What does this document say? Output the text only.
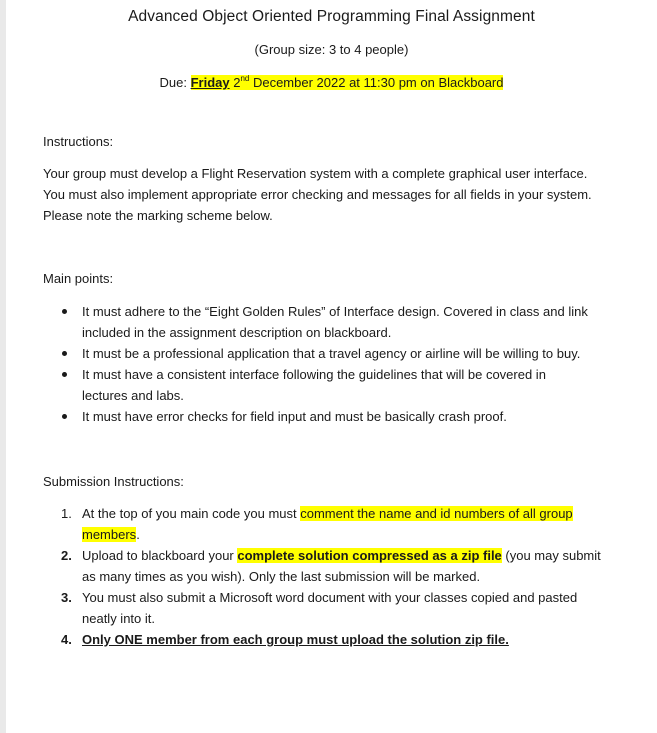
Advanced Object Oriented Programming Final Assignment
(Group size: 3 to 4 people)
Due: Friday 2nd December 2022 at 11:30 pm on Blackboard
Instructions:

Your group must develop a Flight Reservation system with a complete graphical user interface.

You must also implement appropriate error checking and messages for all fields in your system.

Please note the marking scheme below.

Main points:
It must adhere to the “Eight Golden Rules” of Interface design. Covered in class and link
included in the assignment description on blackboard.
It must be a professional application that a travel agency or airline will be willing to buy.
It must have a consistent interface following the guidelines that will be covered in
lectures and labs.
It must have error checks for field input and must be basically crash proof.
Submission Instructions:
1. At the top of you main code you must comment the name and id numbers of all group
members.
2. Upload to blackboard your complete solution compressed as a zip file (you may submit
as many times as you wish). Only the last submission will be marked.
3. You must also submit a Microsoft word document with your classes copied and pasted
neatly into it.
4. Only ONE member from each group must upload the solution zip file.
